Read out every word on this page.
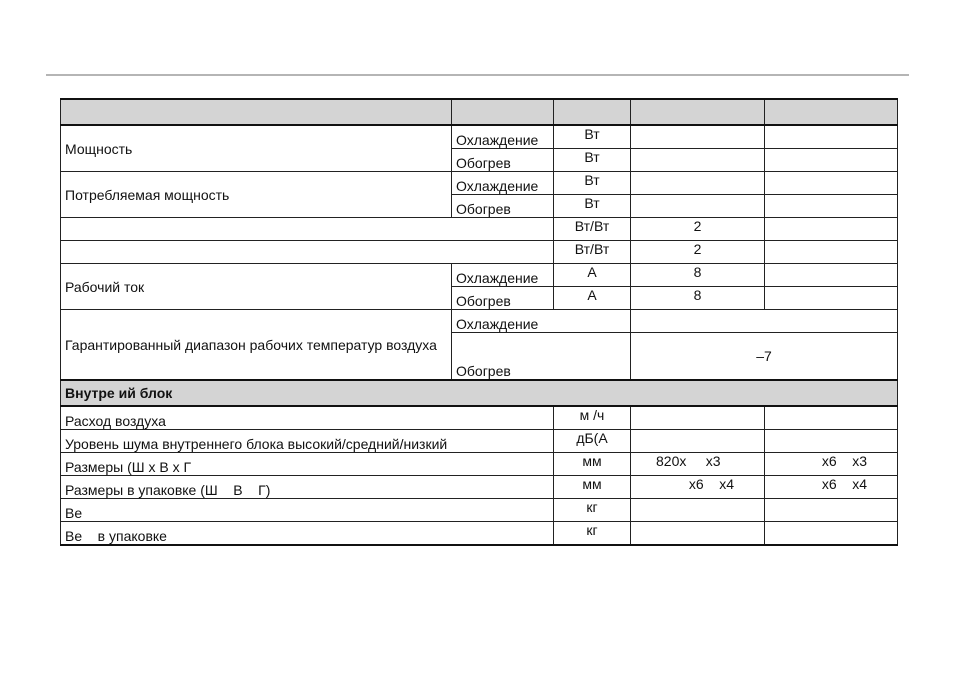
Мощность	Охлаждение	Вт		
	Обогрев	Вт		
Потребляемая мощность	Охлаждение	Вт		
	Обогрев	Вт		
		Вт/Вт	2	
		Вт/Вт	2	
Рабочий ток	Охлаждение	А	8	
	Обогрев	А	8	
Гарантированный диапазон рабочих температур воздуха	Охлаждение			
	Обогрев		–7	
Внутре ий блок				
Расход воздуха		м /ч		
Уровень шума внутреннего блока высокий/средний/низкий		дБ(А		
Размеры (Ш х В х Г		мм	820х     х3	х6    х3
Размеры в упаковке (Ш    В    Г)		мм	х6    х4	х6    х4
Ве		кг		
Ве    в упаковке		кг		
